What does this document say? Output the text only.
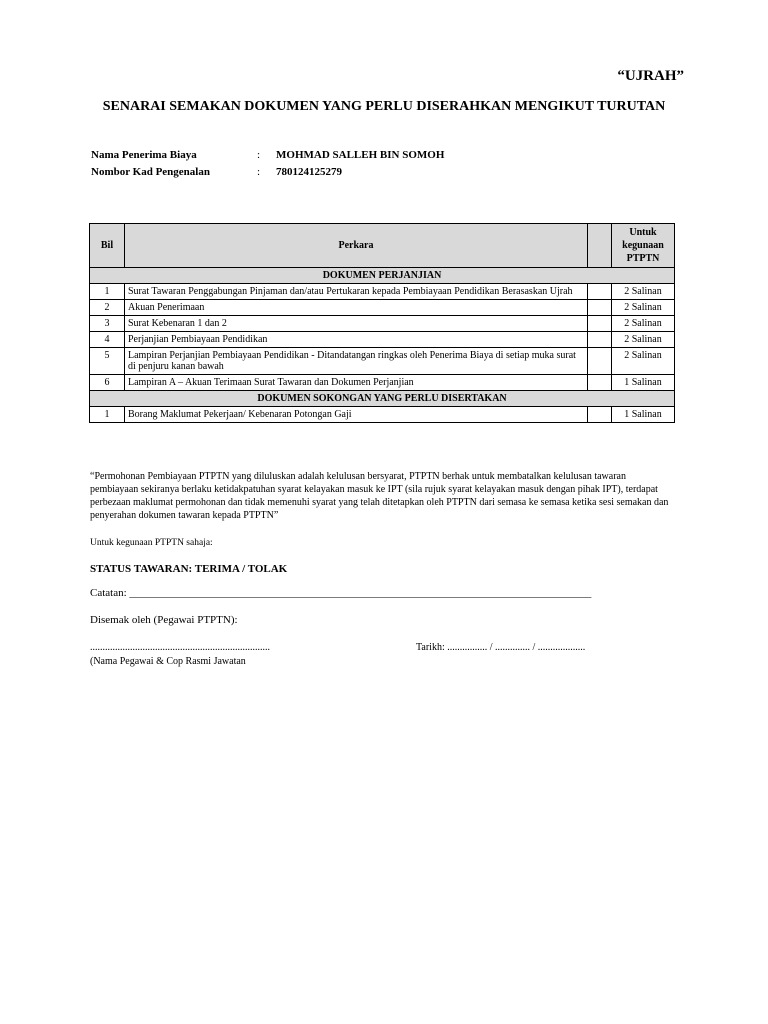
“UJRAH”
SENARAI SEMAKAN DOKUMEN YANG PERLU DISERAHKAN MENGIKUT TURUTAN
Nama Penerima Biaya	:	MOHMAD SALLEH BIN SOMOH
Nombor Kad Pengenalan	:	780124125279
Bil	Perkara		Untuk kegunaan PTPTN
DOKUMEN PERJANJIAN			
1	Surat Tawaran Penggabungan Pinjaman dan/atau Pertukaran kepada Pembiayaan Pendidikan Berasaskan Ujrah		2 Salinan
2	Akuan Penerimaan		2 Salinan
3	Surat Kebenaran 1 dan 2		2 Salinan
4	Perjanjian Pembiayaan Pendidikan		2 Salinan
5	Lampiran Perjanjian Pembiayaan Pendidikan - Ditandatangan ringkas oleh Penerima Biaya di setiap muka surat di penjuru kanan bawah		2 Salinan
6	Lampiran A – Akuan Terimaan Surat Tawaran dan Dokumen Perjanjian		1 Salinan
DOKUMEN SOKONGAN YANG PERLU DISERTAKAN			
1	Borang Maklumat Pekerjaan/ Kebenaran Potongan Gaji		1 Salinan
“Permohonan Pembiayaan PTPTN yang diluluskan adalah kelulusan bersyarat, PTPTN berhak untuk membatalkan kelulusan tawaran pembiayaan sekiranya berlaku ketidakpatuhan syarat kelayakan masuk ke IPT (sila rujuk syarat kelayakan masuk dengan pihak IPT), terdapat perbezaan maklumat permohonan dan tidak memenuhi syarat yang telah ditetapkan oleh PTPTN dari semasa ke semasa ketika sesi semakan dan penyerahan dokumen tawaran kepada PTPTN”
Untuk kegunaan PTPTN sahaja:
STATUS TAWARAN: TERIMA / TOLAK
Catatan: ____________________________________________________________________________________
Disemak oleh (Pegawai PTPTN):
........................................................................
(Nama Pegawai & Cop Rasmi Jawatan
Tarikh: ................ / .............. / ...................
